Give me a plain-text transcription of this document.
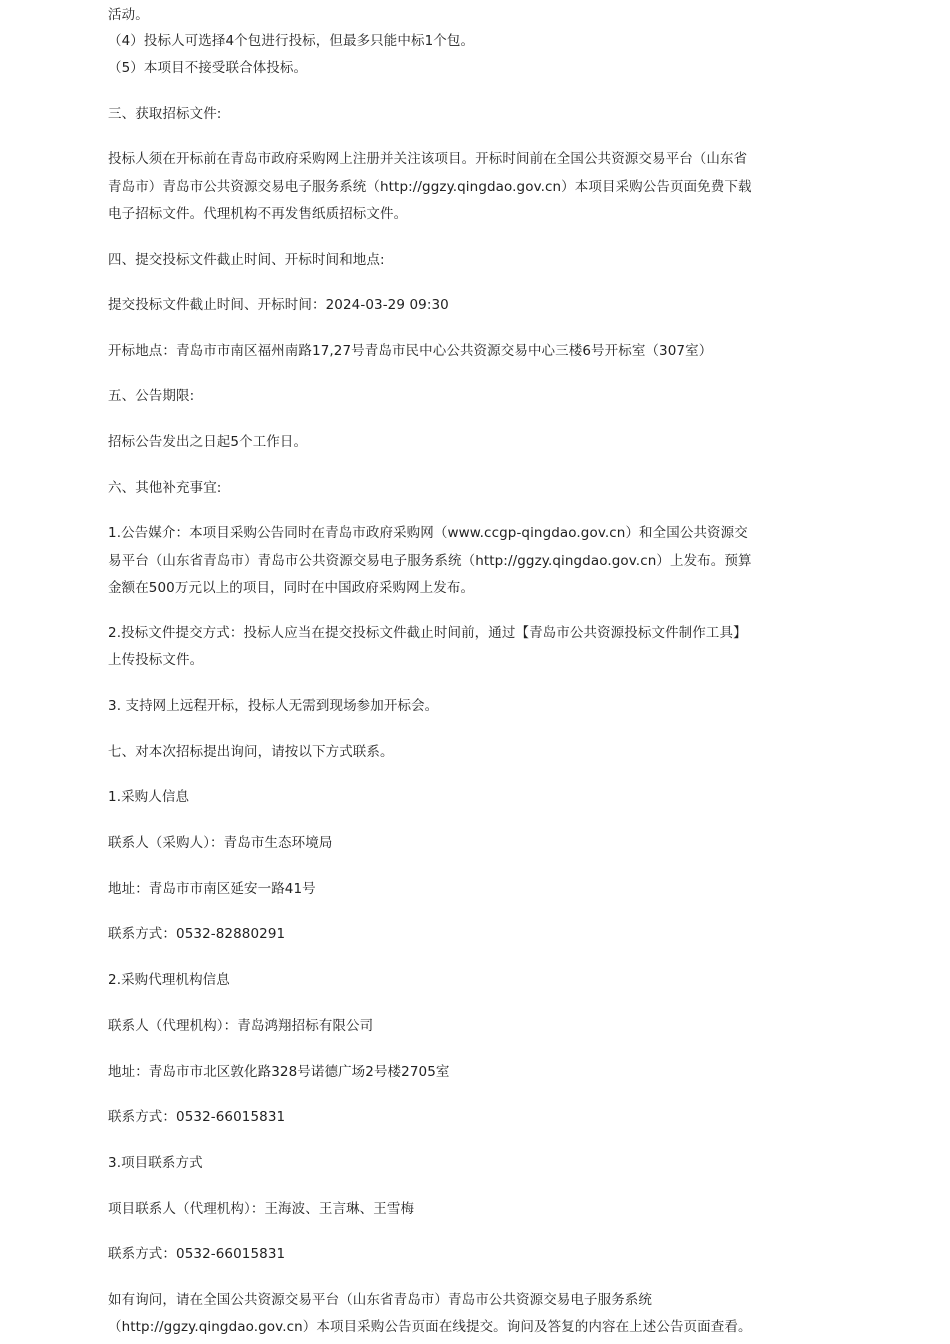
活动。
（4）投标人可选择4个包进行投标，但最多只能中标1个包。
（5）本项目不接受联合体投标。
三、获取招标文件:
投标人须在开标前在青岛市政府采购网上注册并关注该项目。开标时间前在全国公共资源交易平台（山东省
青岛市）青岛市公共资源交易电子服务系统（http://ggzy.qingdao.gov.cn）本项目采购公告页面免费下载
电子招标文件。代理机构不再发售纸质招标文件。
四、提交投标文件截止时间、开标时间和地点:
提交投标文件截止时间、开标时间：2024-03-29 09:30
开标地点：青岛市市南区福州南路17,27号青岛市民中心公共资源交易中心三楼6号开标室（307室）
五、公告期限:
招标公告发出之日起5个工作日。
六、其他补充事宜:
1.公告媒介：本项目采购公告同时在青岛市政府采购网（www.ccgp-qingdao.gov.cn）和全国公共资源交
易平台（山东省青岛市）青岛市公共资源交易电子服务系统（http://ggzy.qingdao.gov.cn）上发布。预算
金额在500万元以上的项目，同时在中国政府采购网上发布。
2.投标文件提交方式：投标人应当在提交投标文件截止时间前，通过【青岛市公共资源投标文件制作工具】
上传投标文件。
3. 支持网上远程开标，投标人无需到现场参加开标会。
七、对本次招标提出询问，请按以下方式联系。
1.采购人信息
联系人（采购人）：青岛市生态环境局
地址：青岛市市南区延安一路41号
联系方式：0532-82880291
2.采购代理机构信息
联系人（代理机构）：青岛鸿翔招标有限公司
地址：青岛市市北区敦化路328号诺德广场2号楼2705室
联系方式：0532-66015831
3.项目联系方式
项目联系人（代理机构）：王海波、王言琳、王雪梅
联系方式：0532-66015831
如有询问，请在全国公共资源交易平台（山东省青岛市）青岛市公共资源交易电子服务系统
（http://ggzy.qingdao.gov.cn）本项目采购公告页面在线提交。询问及答复的内容在上述公告页面查看。
